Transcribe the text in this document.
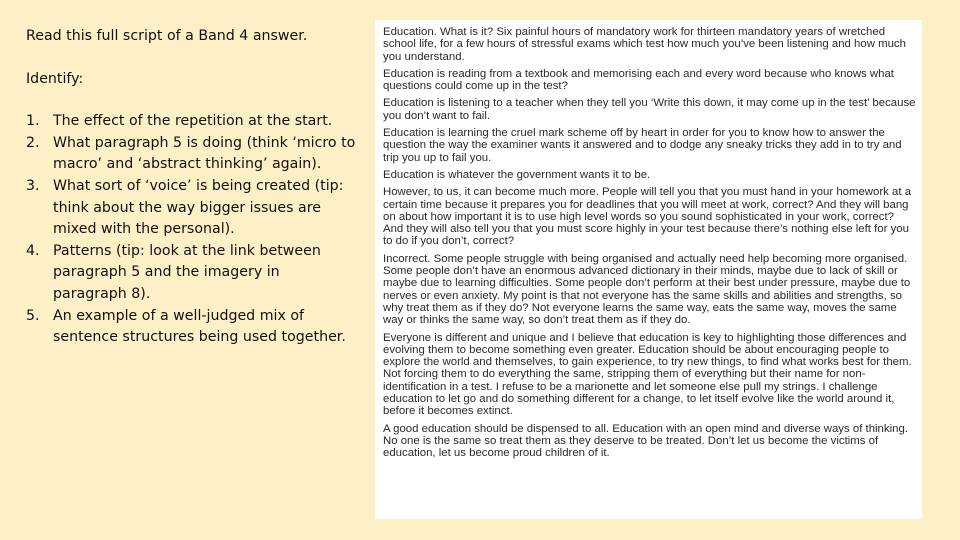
Read this full script of a Band 4 answer.

Identify:

1. The effect of the repetition at the start.
2. What paragraph 5 is doing (think ‘micro to macro’ and ‘abstract thinking’ again).
3. What sort of ‘voice’ is being created (tip: think about the way bigger issues are mixed with the personal).
4. Patterns (tip: look at the link between paragraph 5 and the imagery in paragraph 8).
5. An example of a well-judged mix of sentence structures being used together.

Education. What is it? Six painful hours of mandatory work for thirteen mandatory years of wretched school life, for a few hours of stressful exams which test how much you’ve been listening and how much you understand.

Education is reading from a textbook and memorising each and every word because who knows what questions could come up in the test?

Education is listening to a teacher when they tell you ‘Write this down, it may come up in the test’ because you don’t want to fail.

Education is learning the cruel mark scheme off by heart in order for you to know how to answer the question the way the examiner wants it answered and to dodge any sneaky tricks they add in to try and trip you up to fail you.

Education is whatever the government wants it to be.

However, to us, it can become much more. People will tell you that you must hand in your homework at a certain time because it prepares you for deadlines that you will meet at work, correct? And they will bang on about how important it is to use high level words so you sound sophisticated in your work, correct? And they will also tell you that you must score highly in your test because there’s nothing else left for you to do if you don’t, correct?

Incorrect. Some people struggle with being organised and actually need help becoming more organised. Some people don’t have an enormous advanced dictionary in their minds, maybe due to lack of skill or maybe due to learning difficulties. Some people don’t perform at their best under pressure, maybe due to nerves or even anxiety. My point is that not everyone has the same skills and abilities and strengths, so why treat them as if they do? Not everyone learns the same way, eats the same way, moves the same way or thinks the same way, so don’t treat them as if they do.

Everyone is different and unique and I believe that education is key to highlighting those differences and evolving them to become something even greater. Education should be about encouraging people to explore the world and themselves, to gain experience, to try new things, to find what works best for them. Not forcing them to do everything the same, stripping them of everything but their name for non-identification in a test. I refuse to be a marionette and let someone else pull my strings. I challenge education to let go and do something different for a change, to let itself evolve like the world around it, before it becomes extinct.

A good education should be dispensed to all. Education with an open mind and diverse ways of thinking. No one is the same so treat them as they deserve to be treated. Don’t let us become the victims of education, let us become proud children of it.
